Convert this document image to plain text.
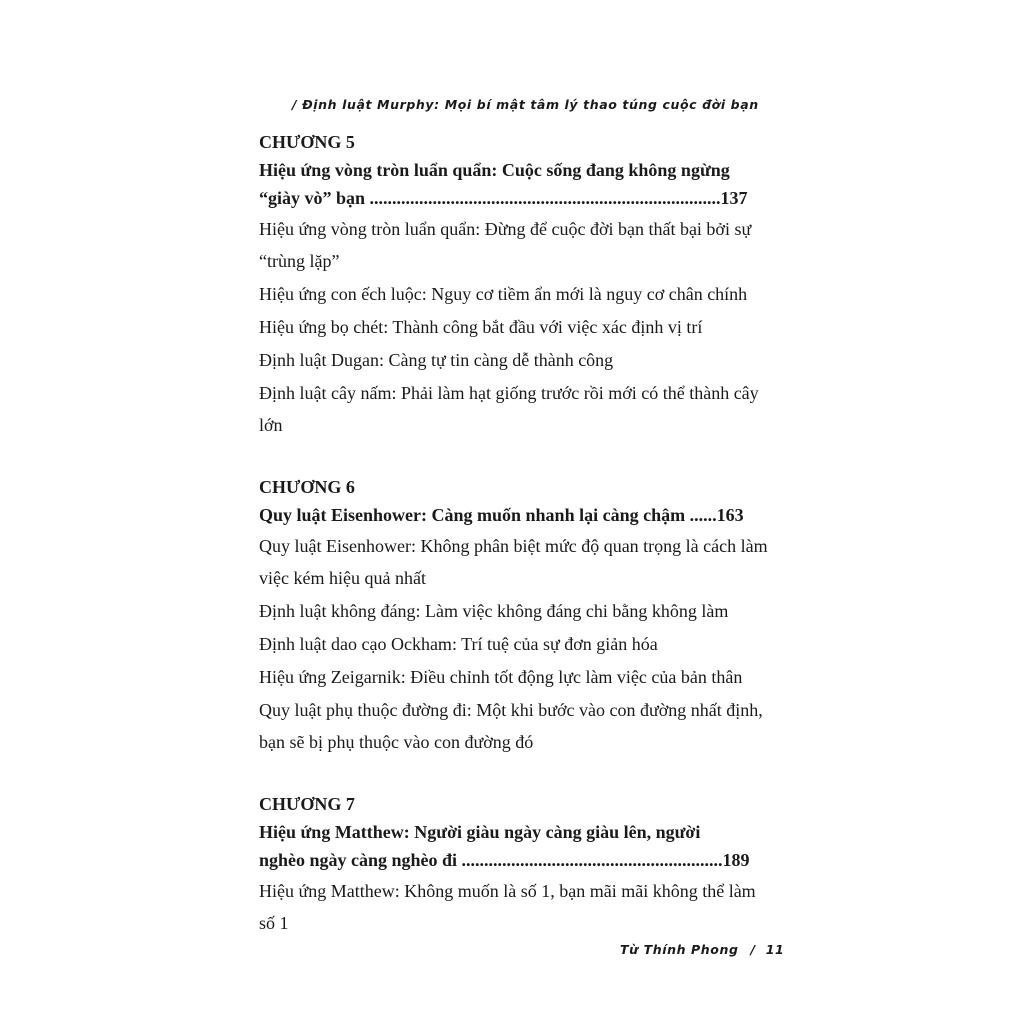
/ Định luật Murphy: Mọi bí mật tâm lý thao túng cuộc đời bạn
CHƯƠNG 5
Hiệu ứng vòng tròn luẩn quẩn: Cuộc sống đang không ngừng
“giày vò” bạn ..............................................................................137
Hiệu ứng vòng tròn luẩn quẩn: Đừng để cuộc đời bạn thất bại bởi sự “trùng lặp”
Hiệu ứng con ếch luộc: Nguy cơ tiềm ẩn mới là nguy cơ chân chính
Hiệu ứng bọ chét: Thành công bắt đầu với việc xác định vị trí
Định luật Dugan: Càng tự tin càng dễ thành công
Định luật cây nấm: Phải làm hạt giống trước rồi mới có thể thành cây lớn
CHƯƠNG 6
Quy luật Eisenhower: Càng muốn nhanh lại càng chậm ......163
Quy luật Eisenhower: Không phân biệt mức độ quan trọng là cách làm việc kém hiệu quả nhất
Định luật không đáng: Làm việc không đáng chi bằng không làm
Định luật dao cạo Ockham: Trí tuệ của sự đơn giản hóa
Hiệu ứng Zeigarnik: Điều chỉnh tốt động lực làm việc của bản thân
Quy luật phụ thuộc đường đi: Một khi bước vào con đường nhất định, bạn sẽ bị phụ thuộc vào con đường đó
CHƯƠNG 7
Hiệu ứng Matthew: Người giàu ngày càng giàu lên, người
nghèo ngày càng nghèo đi ..........................................................189
Hiệu ứng Matthew: Không muốn là số 1, bạn mãi mãi không thể làm số 1
Từ Thính Phong / 11
